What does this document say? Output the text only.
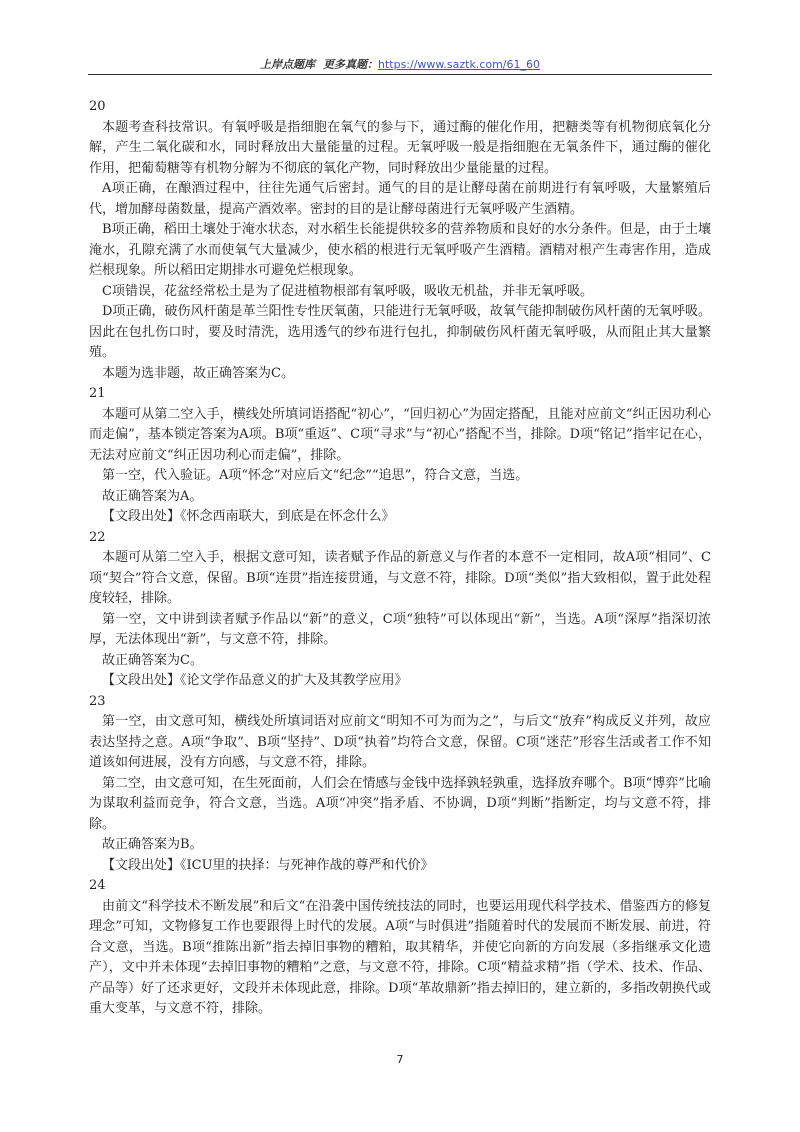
上岸点题库 更多真题：https://www.saztk.com/61_60

20

本题考查科技常识。有氧呼吸是指细胞在氧气的参与下，通过酶的催化作用，把糖类等有机物彻底氧化分解，产生二氧化碳和水，同时释放出大量能量的过程。无氧呼吸一般是指细胞在无氧条件下，通过酶的催化作用，把葡萄糖等有机物分解为不彻底的氧化产物，同时释放出少量能量的过程。

A项正确，在酿酒过程中，往往先通气后密封。通气的目的是让酵母菌在前期进行有氧呼吸，大量繁殖后代，增加酵母菌数量，提高产酒效率。密封的目的是让酵母菌进行无氧呼吸产生酒精。

B项正确，稻田土壤处于淹水状态，对水稻生长能提供较多的营养物质和良好的水分条件。但是，由于土壤淹水，孔隙充满了水而使氧气大量减少，使水稻的根进行无氧呼吸产生酒精。酒精对根产生毒害作用，造成烂根现象。所以稻田定期排水可避免烂根现象。

C项错误，花盆经常松土是为了促进植物根部有氧呼吸，吸收无机盐，并非无氧呼吸。

D项正确，破伤风杆菌是革兰阳性专性厌氧菌，只能进行无氧呼吸，故氧气能抑制破伤风杆菌的无氧呼吸。因此在包扎伤口时，要及时清洗，选用透气的纱布进行包扎，抑制破伤风杆菌无氧呼吸，从而阻止其大量繁殖。

本题为选非题，故正确答案为C。

21

本题可从第二空入手，横线处所填词语搭配“初心”，“回归初心”为固定搭配，且能对应前文“纠正因功利心而走偏”，基本锁定答案为A项。B项“重返”、C项“寻求”与“初心”搭配不当，排除。D项“铭记”指牢记在心，无法对应前文“纠正因功利心而走偏”，排除。

第一空，代入验证。A项“怀念”对应后文“纪念”“追思”，符合文意，当选。

故正确答案为A。

【文段出处】《怀念西南联大，到底是在怀念什么》

22

本题可从第二空入手，根据文意可知，读者赋予作品的新意义与作者的本意不一定相同，故A项“相同”、C项“契合”符合文意，保留。B项“连贯”指连接贯通，与文意不符，排除。D项“类似”指大致相似，置于此处程度较轻，排除。

第一空，文中讲到读者赋予作品以“新”的意义，C项“独特”可以体现出“新”，当选。A项“深厚”指深切浓厚，无法体现出“新”，与文意不符，排除。

故正确答案为C。

【文段出处】《论文学作品意义的扩大及其教学应用》

23

第一空，由文意可知，横线处所填词语对应前文“明知不可为而为之”，与后文“放弃”构成反义并列，故应表达坚持之意。A项“争取”、B项“坚持”、D项“执着”均符合文意，保留。C项“迷茫”形容生活或者工作不知道该如何进展，没有方向感，与文意不符，排除。

第二空，由文意可知，在生死面前，人们会在情感与金钱中选择孰轻孰重，选择放弃哪个。B项“博弈”比喻为谋取利益而竞争，符合文意，当选。A项“冲突”指矛盾、不协调，D项“判断”指断定，均与文意不符，排除。

故正确答案为B。

【文段出处】《ICU里的抉择：与死神作战的尊严和代价》

24

由前文“科学技术不断发展”和后文“在沿袭中国传统技法的同时，也要运用现代科学技术、借鉴西方的修复理念”可知，文物修复工作也要跟得上时代的发展。A项“与时俱进”指随着时代的发展而不断发展、前进，符合文意，当选。B项“推陈出新”指去掉旧事物的糟粕，取其精华，并使它向新的方向发展（多指继承文化遗产），文中并未体现“去掉旧事物的糟粕”之意，与文意不符，排除。C项“精益求精”指（学术、技术、作品、产品等）好了还求更好，文段并未体现此意，排除。D项“革故鼎新”指去掉旧的，建立新的，多指改朝换代或重大变革，与文意不符，排除。

7
